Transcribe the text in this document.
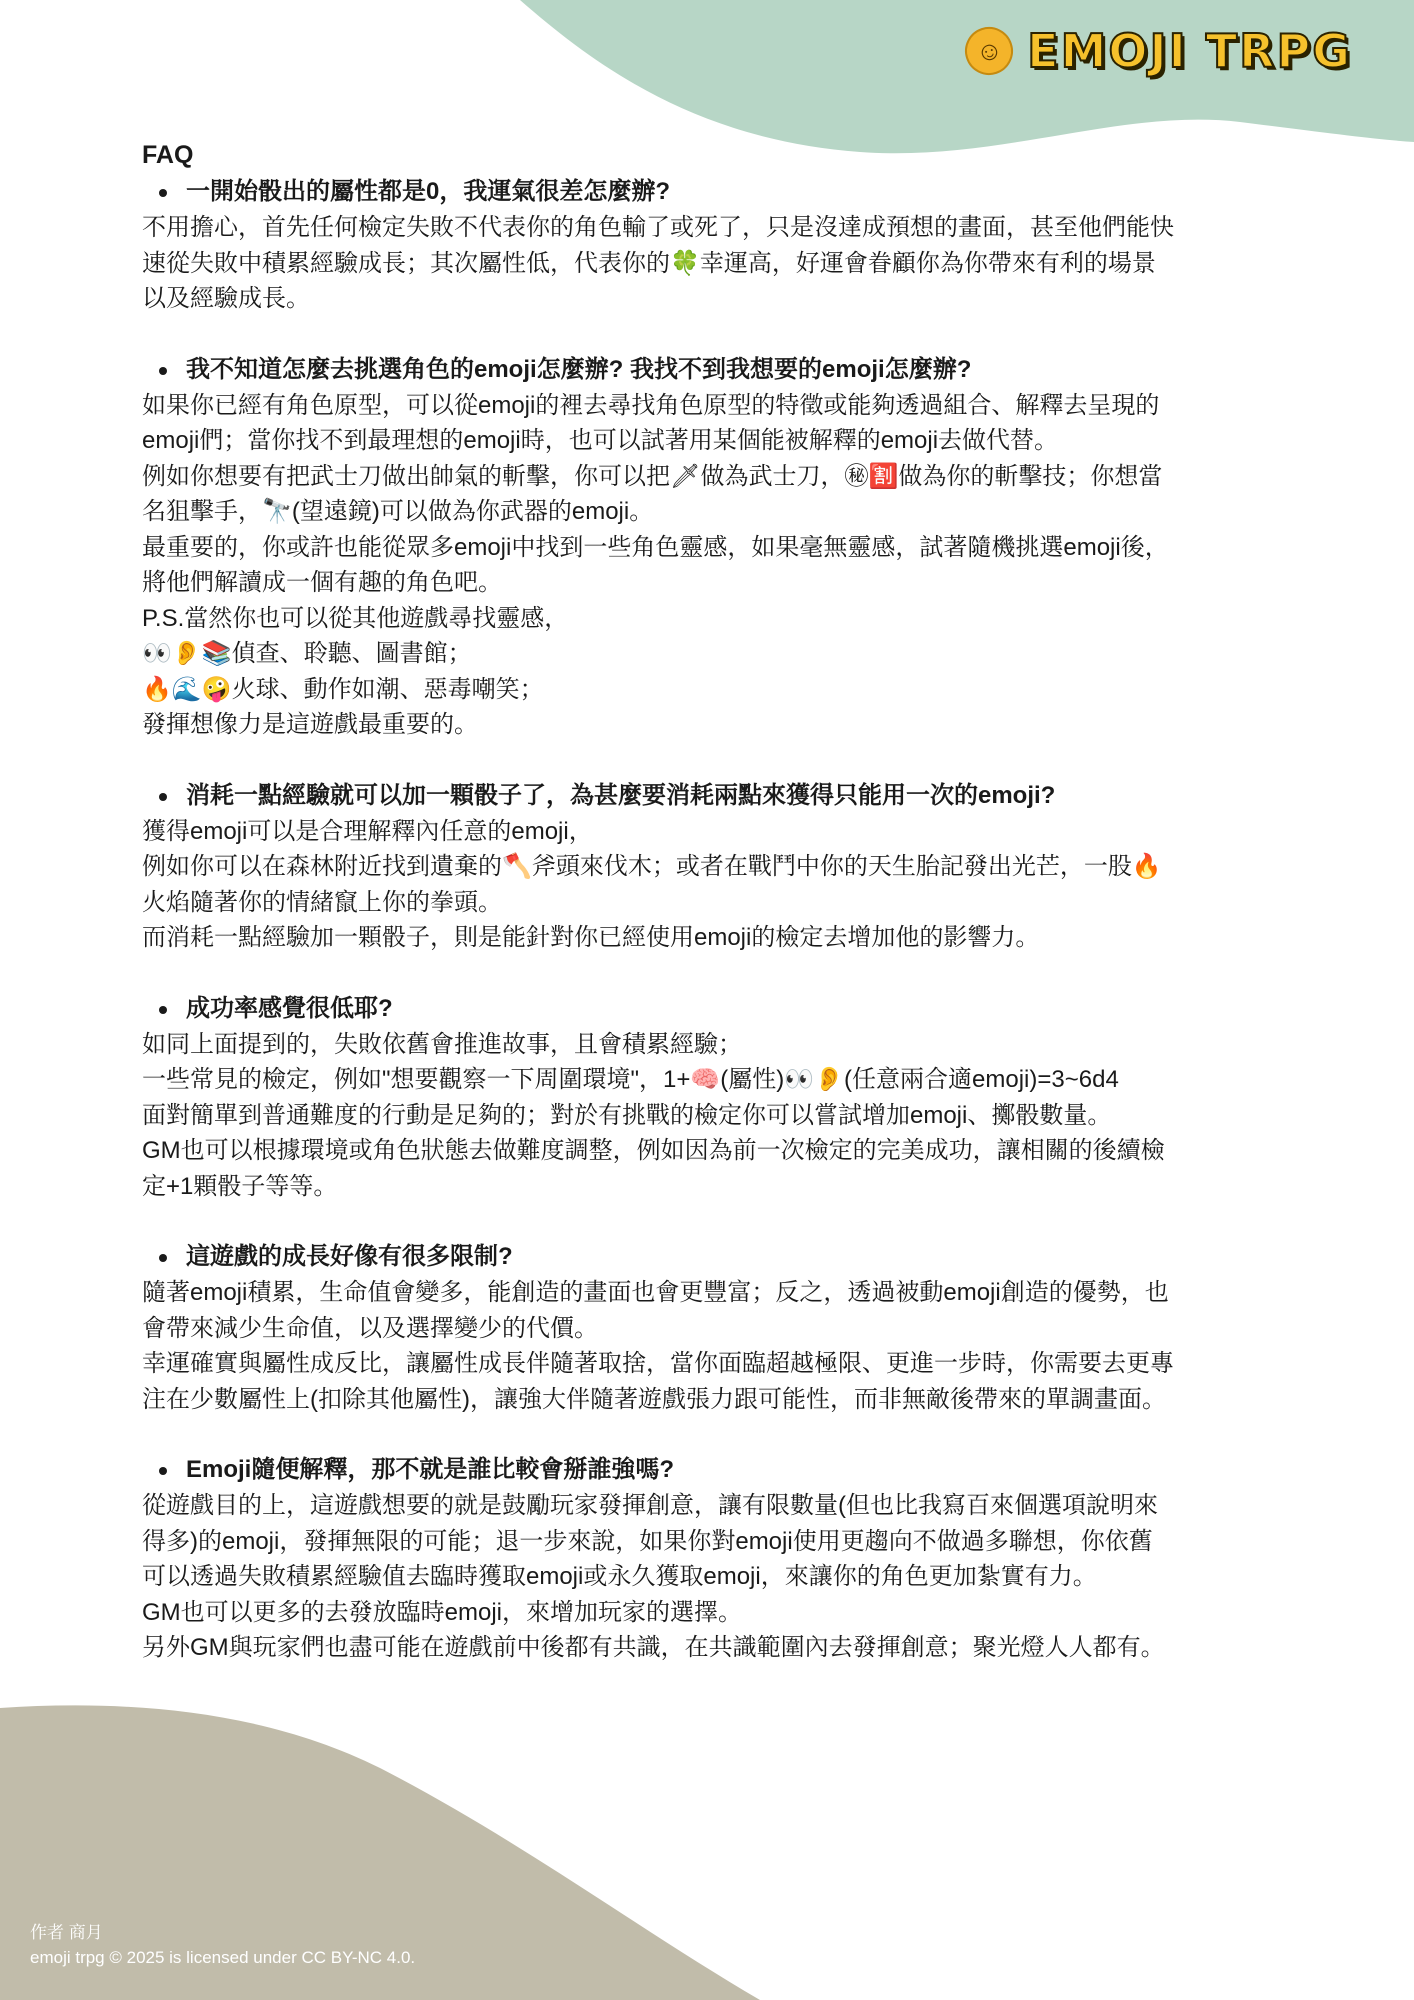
☺ EMOJI TRPG

FAQ

一開始骰出的屬性都是0，我運氣很差怎麼辦?

不用擔心，首先任何檢定失敗不代表你的角色輸了或死了，只是沒達成預想的畫面，甚至他們能快

速從失敗中積累經驗成長；其次屬性低，代表你的🍀幸運高，好運會眷顧你為你帶來有利的場景

以及經驗成長。

我不知道怎麼去挑選角色的emoji怎麼辦? 我找不到我想要的emoji怎麼辦?

如果你已經有角色原型，可以從emoji的裡去尋找角色原型的特徵或能夠透過組合、解釋去呈現的

emoji們；當你找不到最理想的emoji時，也可以試著用某個能被解釋的emoji去做代替。

例如你想要有把武士刀做出帥氣的斬擊，你可以把🗡做為武士刀，㊙🈹做為你的斬擊技；你想當

名狙擊手，🔭(望遠鏡)可以做為你武器的emoji。

最重要的，你或許也能從眾多emoji中找到一些角色靈感，如果毫無靈感，試著隨機挑選emoji後，

將他們解讀成一個有趣的角色吧。

P.S.當然你也可以從其他遊戲尋找靈感，

👀👂📚偵查、聆聽、圖書館；

🔥🌊🤪火球、動作如潮、惡毒嘲笑；

發揮想像力是這遊戲最重要的。

消耗一點經驗就可以加一顆骰子了，為甚麼要消耗兩點來獲得只能用一次的emoji?

獲得emoji可以是合理解釋內任意的emoji，

例如你可以在森林附近找到遺棄的🪓斧頭來伐木；或者在戰鬥中你的天生胎記發出光芒，一股🔥

火焰隨著你的情緒竄上你的拳頭。

而消耗一點經驗加一顆骰子，則是能針對你已經使用emoji的檢定去增加他的影響力。

成功率感覺很低耶?

如同上面提到的，失敗依舊會推進故事，且會積累經驗；

一些常見的檢定，例如"想要觀察一下周圍環境"，1+🧠(屬性)👀👂(任意兩合適emoji)=3~6d4

面對簡單到普通難度的行動是足夠的；對於有挑戰的檢定你可以嘗試增加emoji、擲骰數量。

GM也可以根據環境或角色狀態去做難度調整，例如因為前一次檢定的完美成功，讓相關的後續檢

定+1顆骰子等等。

這遊戲的成長好像有很多限制?

隨著emoji積累，生命值會變多，能創造的畫面也會更豐富；反之，透過被動emoji創造的優勢，也

會帶來減少生命值，以及選擇變少的代價。

幸運確實與屬性成反比，讓屬性成長伴隨著取捨，當你面臨超越極限、更進一步時，你需要去更專

注在少數屬性上(扣除其他屬性)，讓強大伴隨著遊戲張力跟可能性，而非無敵後帶來的單調畫面。

Emoji隨便解釋，那不就是誰比較會掰誰強嗎?

從遊戲目的上，這遊戲想要的就是鼓勵玩家發揮創意，讓有限數量(但也比我寫百來個選項說明來

得多)的emoji，發揮無限的可能；退一步來說，如果你對emoji使用更趨向不做過多聯想，你依舊

可以透過失敗積累經驗值去臨時獲取emoji或永久獲取emoji，來讓你的角色更加紮實有力。

GM也可以更多的去發放臨時emoji，來增加玩家的選擇。

另外GM與玩家們也盡可能在遊戲前中後都有共識，在共識範圍內去發揮創意；聚光燈人人都有。

作者 商月
emoji trpg © 2025 is licensed under CC BY-NC 4.0.
